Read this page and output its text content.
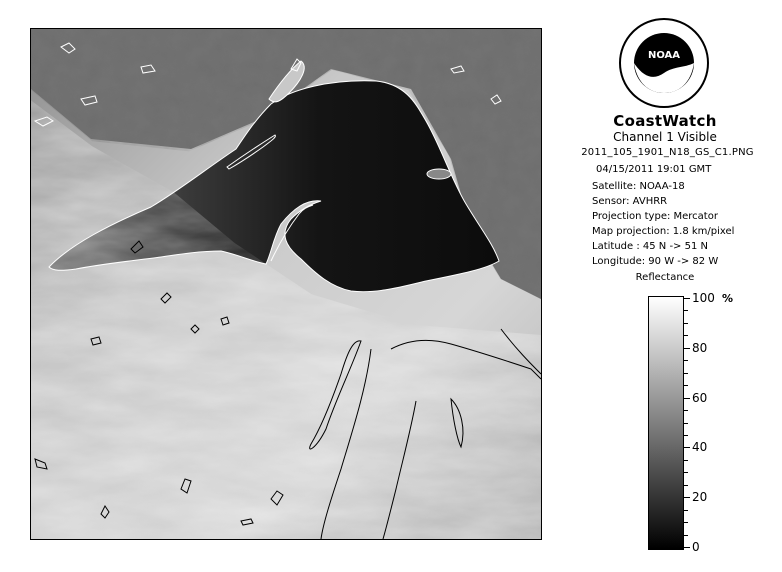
NOAA
CoastWatch
Channel 1 Visible
2011_105_1901_N18_GS_C1.PNG
04/15/2011 19:01 GMT
Satellite: NOAA-18
Sensor: AVHRR
Projection type: Mercator
Map projection: 1.8 km/pixel
Latitude : 45 N -> 51 N
Longitude: 90 W -> 82 W
Reflectance
%
100
80
60
40
20
0
